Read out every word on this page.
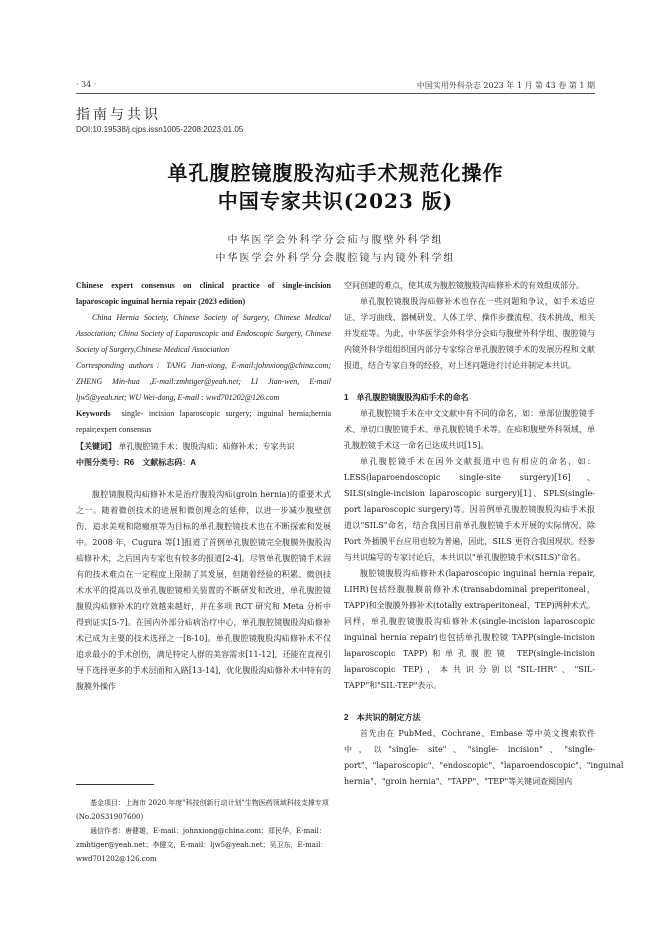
· 34 ·	中国实用外科杂志 2023 年 1 月 第 43 卷 第 1 期
指南与共识
DOI:10.19538/j.cjps.issn1005-2208.2023.01.05
单孔腹腔镜腹股沟疝手术规范化操作
中国专家共识(2023 版)
中华医学会外科学分会疝与腹壁外科学组
中华医学会外科学分会腹腔镜与内镜外科学组

Chinese expert consensus on clinical practice of single-incision laparoscopic inguinal hernia repair (2023 edition)

China Hernia Society, Chinese Society of Surgery, Chinese Medical Association; China Society of Laparoscopic and Endoscopic Surgery, Chinese Society of Surgery,Chinese Medical Association

Corresponding authors：TANG Jian-xiong, E-mail:johnxiong@china.com; ZHENG Min-hua ,E-mail:zmhtiger@yeah.net; LI Jian-wen, E-mail ljw5@yeah.net; WU Wei-dong, E-mail : wwd701202@126.com

Keywords single- incision laparoscopic surgery; inguinal hernia;hernia repair;expert consensus

【关键词】 单孔腹腔镜手术；腹股沟疝；疝修补术；专家共识

中图分类号：R6　文献标志码：A

腹腔镜腹股沟疝修补术是治疗腹股沟疝(groin hernia)的重要术式之一。随着微创技术的进展和微创理念的延伸，以进一步减少腹壁创伤、追求美观和隐瘢痕等为目标的单孔腹腔镜技术也在不断探索和发展中。2008 年，Cugura 等[1]报道了首例单孔腹腔镜完全腹膜外腹股沟疝修补术，之后国内专家也有较多的报道[2-4]。尽管单孔腹腔镜手术固有的技术难点在一定程度上限制了其发展，但随着经验的积累、微创技术水平的提高以及单孔腹腔镜相关装置的不断研发和改进，单孔腹腔镜腹股沟疝修补术的疗效越来越好，并在多项 RCT 研究和 Meta 分析中得到证实[5-7]。在国内外部分疝病治疗中心，单孔腹腔镜腹股沟疝修补术已成为主要的技术选择之一[8-10]。单孔腹腔镜腹股沟疝修补术不仅追求最小的手术创伤，满足特定人群的美容需求[11-12]，还能在直视引导下选择更多的手术层面和入路[13-14]，优化腹股沟疝修补术中特有的腹膜外操作

基金项目：上海市 2020 年度"科技创新行动计划"生物医药领域科技支撑专项(No.20S31907600)

通信作者：唐健雄，E-mail：johnxiong@china.com；郑民华，E-mail：zmhtiger@yeah.net；李健文，E-mail：ljw5@yeah.net；吴卫东，E-mail：wwd701202@126.com

空间创建的难点，使其成为腹腔镜腹股沟疝修补术的有效组成部分。

单孔腹腔镜腹股沟疝修补术也存在一些问题和争议，如手术适应证、学习曲线、器械研发、人体工学、操作步骤流程、技术挑战、相关并发症等。为此，中华医学会外科学分会疝与腹壁外科学组、腹腔镜与内镜外科学组组织国内部分专家综合单孔腹腔镜手术的发展历程和文献报道，结合专家自身的经验，对上述问题进行讨论并制定本共识。

1　单孔腹腔镜腹股沟疝手术的命名

单孔腹腔镜手术在中文文献中有不同的命名，如：单部位腹腔镜手术、单切口腹腔镜手术、单孔腹腔镜手术等。在疝和腹壁外科领域，单孔腹腔镜手术这一命名已达成共识[15]。

单孔腹腔镜手术在国外文献报道中也有相应的命名，如：LESS(laparoendoscopic single-site surgery)[16]、SILS(single-incision laparoscopic surgery)[1]、SPLS(single-port laparoscopic surgery)等。因首例单孔腹腔镜腹股沟疝手术报道以"SILS"命名，结合我国目前单孔腹腔镜手术开展的实际情况，除 Port 外插膜平台应用也较为普遍，因此，SILS 更符合我国现状。经参与共识编写的专家讨论后，本共识以"单孔腹腔镜手术(SILS)"命名。

腹腔镜腹股沟疝修补术(laparoscopic inguinal hernia repair, LIHR)包括经腹腹膜前修补术(transabdominal preperitoneal，TAPP)和全腹膜外修补术(totally extraperitoneal，TEP)两种术式。同样，单孔腹腔镜腹股沟疝修补术(single-incision laparoscopic inguinal hernia repair)也包括单孔腹腔镜 TAPP(single-incision laparoscopic TAPP)和单孔腹腔镜 TEP(single-incision laparoscopic TEP)，本共识分别以"SIL-IHR"、"SIL-TAPP"和"SIL-TEP"表示。

2　本共识的制定方法

首先由在 PubMed、Cochrane、Embase 等中英文搜索软件中，以"single- site"、"single- incision"、"single- port"、"laparoscopic"、"endoscopic"、"laparoendoscopic"、"inguinal hernia"、"groin hernia"、"TAPP"、"TEP"等关键词查阅国内
